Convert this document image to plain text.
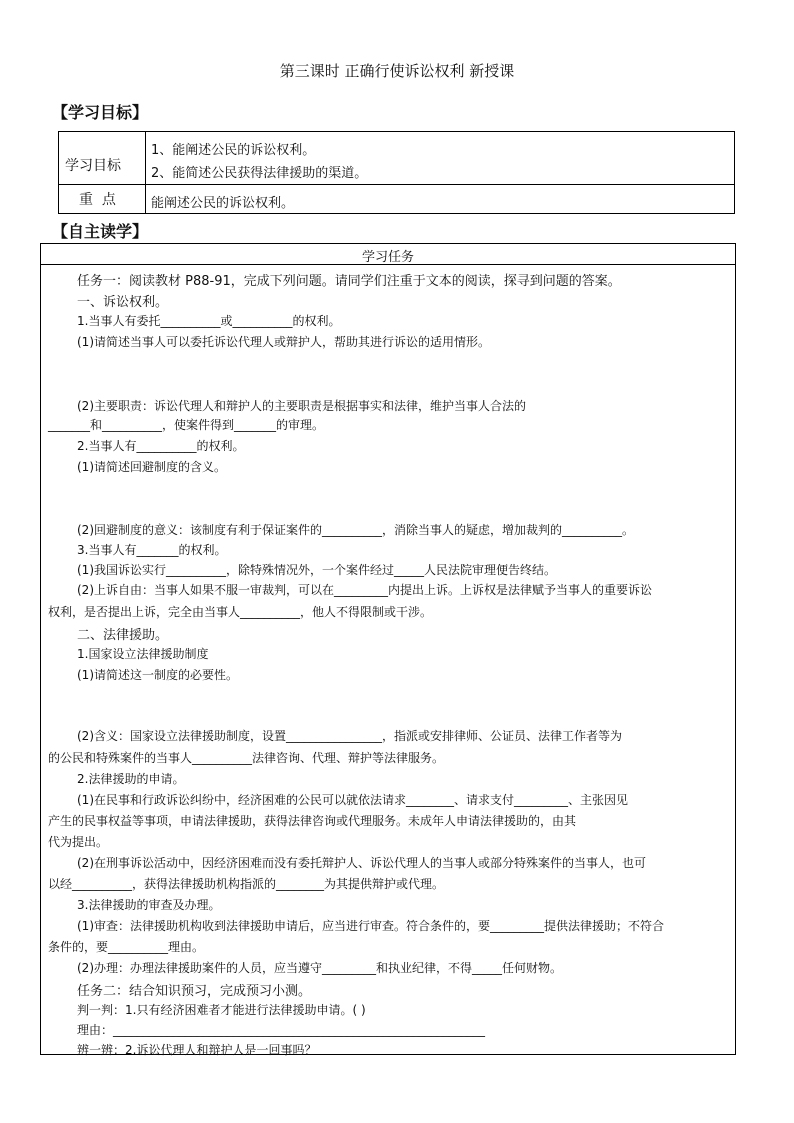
第三课时 正确行使诉讼权利 新授课
【学习目标】
学习目标
1、能阐述公民的诉讼权利。
2、能简述公民获得法律援助的渠道。
重  点	能阐述公民的诉讼权利。
【自主读学】
学习任务
任务一：阅读教材 P88-91，完成下列问题。请同学们注重于文本的阅读，探寻到问题的答案。
一、诉讼权利。
1.当事人有委托__________或__________的权利。
(1)请简述当事人可以委托诉讼代理人或辩护人，帮助其进行诉讼的适用情形。
(2)主要职责：诉讼代理人和辩护人的主要职责是根据事实和法律，维护当事人合法的
_______和__________，使案件得到_______的审理。
2.当事人有__________的权利。
(1)请简述回避制度的含义。
(2)回避制度的意义：该制度有利于保证案件的__________，消除当事人的疑虑，增加裁判的__________。
3.当事人有_______的权利。
(1)我国诉讼实行__________，除特殊情况外，一个案件经过_____人民法院审理便告终结。
(2)上诉自由：当事人如果不服一审裁判，可以在_________内提出上诉。上诉权是法律赋予当事人的重要诉讼
权利，是否提出上诉，完全由当事人__________，他人不得限制或干涉。
二、法律援助。
1.国家设立法律援助制度
(1)请简述这一制度的必要性。
(2)含义：国家设立法律援助制度，设置________________，指派或安排律师、公证员、法律工作者等为
的公民和特殊案件的当事人__________法律咨询、代理、辩护等法律服务。
2.法律援助的申请。
(1)在民事和行政诉讼纠纷中，经济困难的公民可以就依法请求________、请求支付_________、主张因见
产生的民事权益等事项，申请法律援助，获得法律咨询或代理服务。未成年人申请法律援助的，由其
代为提出。
(2)在刑事诉讼活动中，因经济困难而没有委托辩护人、诉讼代理人的当事人或部分特殊案件的当事人，也可
以经__________，获得法律援助机构指派的________为其提供辩护或代理。
3.法律援助的审查及办理。
(1)审查：法律援助机构收到法律援助申请后，应当进行审查。符合条件的，要_________提供法律援助；不符合
条件的，要__________理由。
(2)办理：办理法律援助案件的人员，应当遵守_________和执业纪律，不得_____任何财物。
任务二：结合知识预习，完成预习小测。
判一判：1.只有经济困难者才能进行法律援助申请。( )
理由：______________________________________________________________
辨一辨：2.诉讼代理人和辩护人是一回事吗？
